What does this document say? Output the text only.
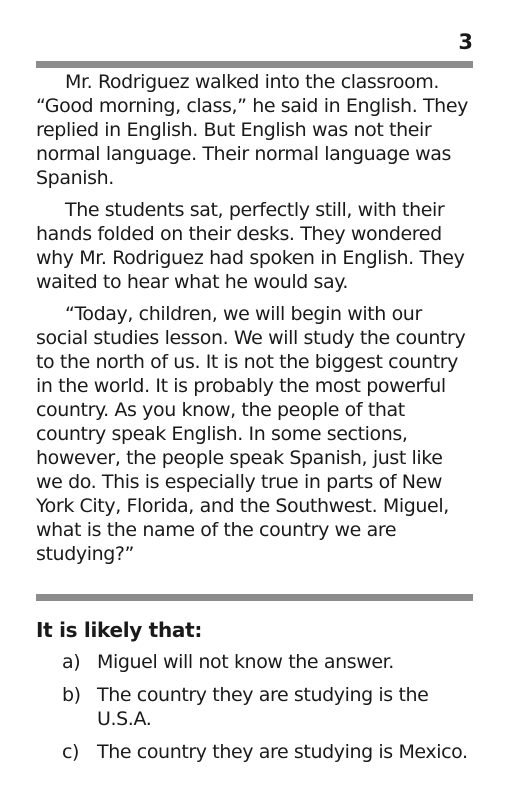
3

Mr. Rodriguez walked into the classroom. “Good morning, class,” he said in English. They replied in English. But English was not their normal language. Their normal language was Spanish.

The students sat, perfectly still, with their hands folded on their desks. They wondered why Mr. Rodriguez had spoken in English. They waited to hear what he would say.

“Today, children, we will begin with our social studies lesson. We will study the country to the north of us. It is not the biggest country in the world. It is probably the most powerful country. As you know, the people of that country speak English. In some sections, however, the people speak Spanish, just like we do. This is especially true in parts of New York City, Florida, and the Southwest. Miguel, what is the name of the country we are studying?”

It is likely that:
a) Miguel will not know the answer.
b) The country they are studying is the U.S.A.
c) The country they are studying is Mexico.
